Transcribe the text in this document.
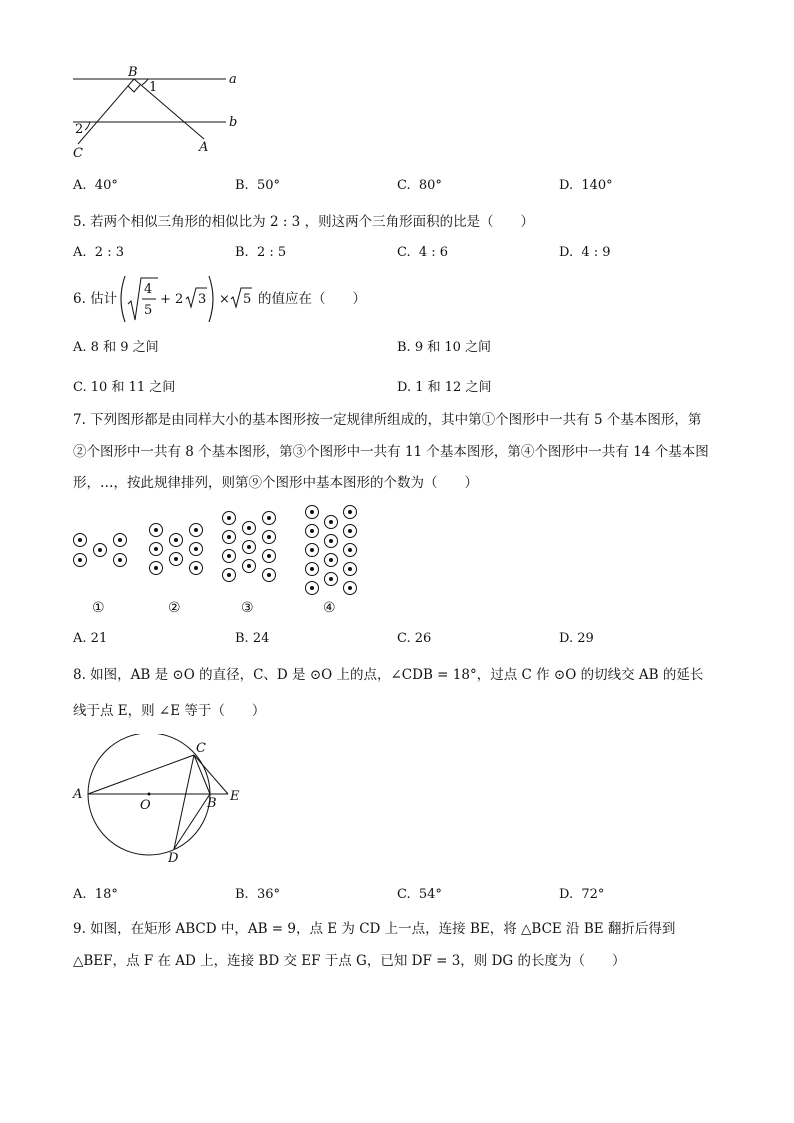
B	a
b
1
2
C	A
A. 40°	B. 50°	C. 80°	D. 140°
5. 若两个相似三角形的相似比为 2 : 3 ，则这两个三角形面积的比是（　　）
A. 2 : 3	B. 2 : 5	C. 4 : 6	D. 4 : 9
6. 估计
4
5
+ 2 3 × 5 的值应在（　　）
A. 8 和 9 之间	B. 9 和 10 之间
C. 10 和 11 之间	D. 1 和 12 之间
7. 下列图形都是由同样大小的基本图形按一定规律所组成的，其中第①个图形中一共有 5 个基本图形，第
②个图形中一共有 8 个基本图形，第③个图形中一共有 11 个基本图形，第④个图形中一共有 14 个基本图
形，…，按此规律排列，则第⑨个图形中基本图形的个数为（　　）
①	②	③	④
A. 21	B. 24	C. 26	D. 29
8. 如图，AB 是 ⊙O 的直径，C、D 是 ⊙O 上的点，∠CDB = 18°，过点 C 作 ⊙O 的切线交 AB 的延长
线于点 E，则 ∠E 等于（　　）
A
O	B E
C
D
A. 18°	B. 36°	C. 54°	D. 72°
9. 如图，在矩形 ABCD 中，AB = 9，点 E 为 CD 上一点，连接 BE，将 △BCE 沿 BE 翻折后得到
△BEF，点 F 在 AD 上，连接 BD 交 EF 于点 G，已知 DF = 3，则 DG 的长度为（　　）
